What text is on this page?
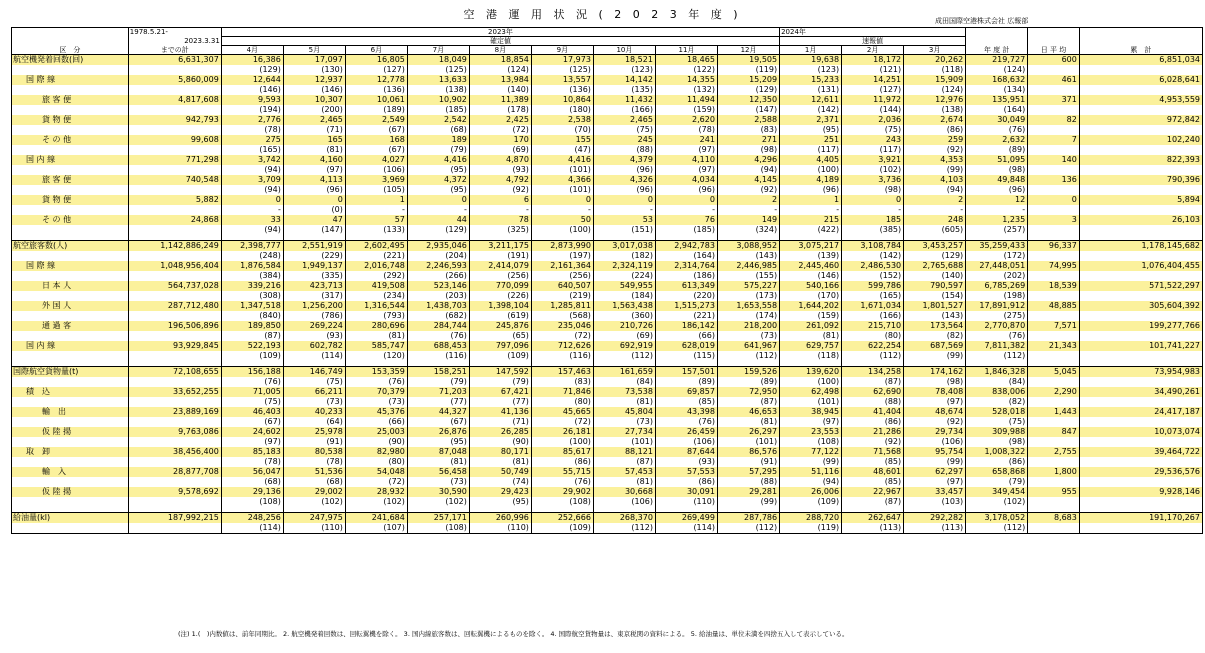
空 港 運 用 状 況 ( 2 0 2 3 年 度 )	成田国際空港株式会社 広報部
区　分	1978.5.21-	2023年									2024年					
	2023.3.31	確定値									速報値					
	までの計	4月	5月	6月	7月	8月	9月	10月	11月	12月	1月	2月	3月	年 度 計	日 平 均	累　計
航空機発着回数(回)	6,631,307	16,386	17,097	16,805	18,049	18,854	17,973	18,521	18,465	19,505	19,638	18,172	20,262	219,727	600	6,851,034
		(129)	(130)	(127)	(125)	(124)	(125)	(123)	(122)	(119)	(123)	(121)	(118)	(124)		
国 際 線	5,860,009	12,644	12,937	12,778	13,633	13,984	13,557	14,142	14,355	15,209	15,233	14,251	15,909	168,632	461	6,028,641
		(146)	(146)	(136)	(138)	(140)	(136)	(135)	(132)	(129)	(131)	(127)	(124)	(134)		
旅 客 便	4,817,608	9,593	10,307	10,061	10,902	11,389	10,864	11,432	11,494	12,350	12,611	11,972	12,976	135,951	371	4,953,559
		(194)	(200)	(189)	(185)	(178)	(180)	(166)	(159)	(147)	(142)	(144)	(138)	(164)		
貨 物 便	942,793	2,776	2,465	2,549	2,542	2,425	2,538	2,465	2,620	2,588	2,371	2,036	2,674	30,049	82	972,842
		(78)	(71)	(67)	(68)	(72)	(70)	(75)	(78)	(83)	(95)	(75)	(86)	(76)		
そ の 他	99,608	275	165	168	189	170	155	245	241	271	251	243	259	2,632	7	102,240
		(165)	(81)	(67)	(79)	(69)	(47)	(88)	(97)	(98)	(117)	(117)	(92)	(89)		
国 内 線	771,298	3,742	4,160	4,027	4,416	4,870	4,416	4,379	4,110	4,296	4,405	3,921	4,353	51,095	140	822,393
		(94)	(97)	(106)	(95)	(93)	(101)	(96)	(97)	(94)	(100)	(102)	(99)	(98)		
旅 客 便	740,548	3,709	4,113	3,969	4,372	4,792	4,366	4,326	4,034	4,145	4,189	3,736	4,103	49,848	136	790,396
		(94)	(96)	(105)	(95)	(92)	(101)	(96)	(96)	(92)	(96)	(98)	(94)	(96)		
貨 物 便	5,882	0	0	1	0	6	0	0	0	2	1	0	2	12	0	5,894
		-	(0)	-	-	-	-	-	-	-	-	-	-	-		
そ の 他	24,868	33	47	57	44	78	50	53	76	149	215	185	248	1,235	3	26,103
		(94)	(147)	(133)	(129)	(325)	(100)	(151)	(185)	(324)	(422)	(385)	(605)	(257)		

航空旅客数(人)	1,142,886,249	2,398,777	2,551,919	2,602,495	2,935,046	3,211,175	2,873,990	3,017,038	2,942,783	3,088,952	3,075,217	3,108,784	3,453,257	35,259,433	96,337	1,178,145,682
		(248)	(229)	(221)	(204)	(191)	(197)	(182)	(164)	(143)	(139)	(142)	(129)	(172)		
国 際 線	1,048,956,404	1,876,584	1,949,137	2,016,748	2,246,593	2,414,079	2,161,364	2,324,119	2,314,764	2,446,985	2,445,460	2,486,530	2,765,688	27,448,051	74,995	1,076,404,455
		(384)	(335)	(292)	(266)	(256)	(256)	(224)	(186)	(155)	(146)	(152)	(140)	(202)		
日 本 人	564,737,028	339,216	423,713	419,508	523,146	770,099	640,507	549,955	613,349	575,227	540,166	599,786	790,597	6,785,269	18,539	571,522,297
		(308)	(317)	(234)	(203)	(226)	(219)	(184)	(220)	(173)	(170)	(165)	(154)	(198)		
外 国 人	287,712,480	1,347,518	1,256,200	1,316,544	1,438,703	1,398,104	1,285,811	1,563,438	1,515,273	1,653,558	1,644,202	1,671,034	1,801,527	17,891,912	48,885	305,604,392
		(840)	(786)	(793)	(682)	(619)	(568)	(360)	(221)	(174)	(159)	(166)	(143)	(275)		
通 過 客	196,506,896	189,850	269,224	280,696	284,744	245,876	235,046	210,726	186,142	218,200	261,092	215,710	173,564	2,770,870	7,571	199,277,766
		(87)	(93)	(81)	(76)	(65)	(72)	(69)	(66)	(73)	(81)	(80)	(82)	(76)		
国 内 線	93,929,845	522,193	602,782	585,747	688,453	797,096	712,626	692,919	628,019	641,967	629,757	622,254	687,569	7,811,382	21,343	101,741,227
		(109)	(114)	(120)	(116)	(109)	(116)	(112)	(115)	(112)	(118)	(112)	(99)	(112)		

国際航空貨物量(t)	72,108,655	156,188	146,749	153,359	158,251	147,592	157,463	161,659	157,501	159,526	139,620	134,258	174,162	1,846,328	5,045	73,954,983
		(76)	(75)	(76)	(79)	(79)	(83)	(84)	(89)	(89)	(100)	(87)	(98)	(84)		
積　込	33,652,255	71,005	66,211	70,379	71,203	67,421	71,846	73,538	69,857	72,950	62,498	62,690	78,408	838,006	2,290	34,490,261
		(75)	(73)	(73)	(77)	(77)	(80)	(81)	(85)	(87)	(101)	(88)	(97)	(82)		
輸　出	23,889,169	46,403	40,233	45,376	44,327	41,136	45,665	45,804	43,398	46,653	38,945	41,404	48,674	528,018	1,443	24,417,187
		(67)	(64)	(66)	(67)	(71)	(72)	(73)	(76)	(81)	(97)	(86)	(92)	(75)		
仮 陸 揚	9,763,086	24,602	25,978	25,003	26,876	26,285	26,181	27,734	26,459	26,297	23,553	21,286	29,734	309,988	847	10,073,074
		(97)	(91)	(90)	(95)	(90)	(100)	(101)	(106)	(101)	(108)	(92)	(106)	(98)		
取　卸	38,456,400	85,183	80,538	82,980	87,048	80,171	85,617	88,121	87,644	86,576	77,122	71,568	95,754	1,008,322	2,755	39,464,722
		(78)	(78)	(80)	(81)	(81)	(86)	(87)	(93)	(91)	(99)	(85)	(99)	(86)		
輸　入	28,877,708	56,047	51,536	54,048	56,458	50,749	55,715	57,453	57,553	57,295	51,116	48,601	62,297	658,868	1,800	29,536,576
		(68)	(68)	(72)	(73)	(74)	(76)	(81)	(86)	(88)	(94)	(85)	(97)	(79)		
仮 陸 揚	9,578,692	29,136	29,002	28,932	30,590	29,423	29,902	30,668	30,091	29,281	26,006	22,967	33,457	349,454	955	9,928,146
		(108)	(102)	(102)	(102)	(95)	(108)	(106)	(110)	(99)	(109)	(87)	(103)	(102)		

給油量(kl)	187,992,215	248,256	247,975	241,684	257,171	260,996	252,666	268,370	269,499	287,786	288,720	262,647	292,282	3,178,052	8,683	191,170,267
		(114)	(110)	(107)	(108)	(110)	(109)	(112)	(114)	(112)	(119)	(113)	(113)	(112)		
(注) 1.(　)内数値は、前年同期比。 2. 航空機発着回数は、回転翼機を除く。 3. 国内線旅客数は、回転翼機によるものを除く。 4. 国際航空貨物量は、東京税関の資料による。 5. 給油量は、単位未満を四捨五入して表示している。
